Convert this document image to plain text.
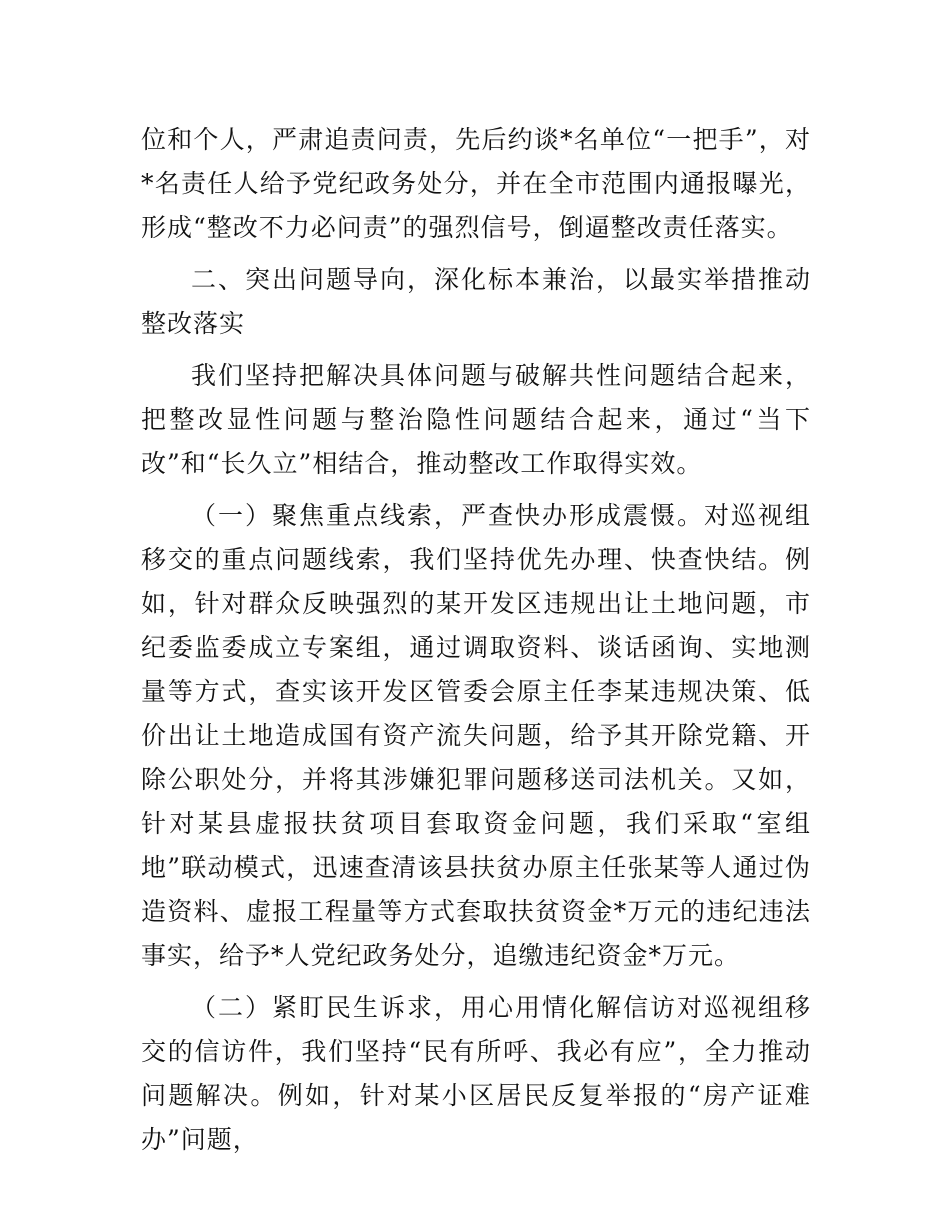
位和个人，严肃追责问责，先后约谈*名单位“一把手”，对*名责任人给予党纪政务处分，并在全市范围内通报曝光，形成“整改不力必问责”的强烈信号，倒逼整改责任落实。

二、突出问题导向，深化标本兼治，以最实举措推动整改落实

我们坚持把解决具体问题与破解共性问题结合起来，把整改显性问题与整治隐性问题结合起来，通过“当下改”和“长久立”相结合，推动整改工作取得实效。

（一）聚焦重点线索，严查快办形成震慑。对巡视组移交的重点问题线索，我们坚持优先办理、快查快结。例如，针对群众反映强烈的某开发区违规出让土地问题，市纪委监委成立专案组，通过调取资料、谈话函询、实地测量等方式，查实该开发区管委会原主任李某违规决策、低价出让土地造成国有资产流失问题，给予其开除党籍、开除公职处分，并将其涉嫌犯罪问题移送司法机关。又如，针对某县虚报扶贫项目套取资金问题，我们采取“室组地”联动模式，迅速查清该县扶贫办原主任张某等人通过伪造资料、虚报工程量等方式套取扶贫资金*万元的违纪违法事实，给予*人党纪政务处分，追缴违纪资金*万元。

（二）紧盯民生诉求，用心用情化解信访对巡视组移交的信访件，我们坚持“民有所呼、我必有应”，全力推动问题解决。例如，针对某小区居民反复举报的“房产证难办”问题，
